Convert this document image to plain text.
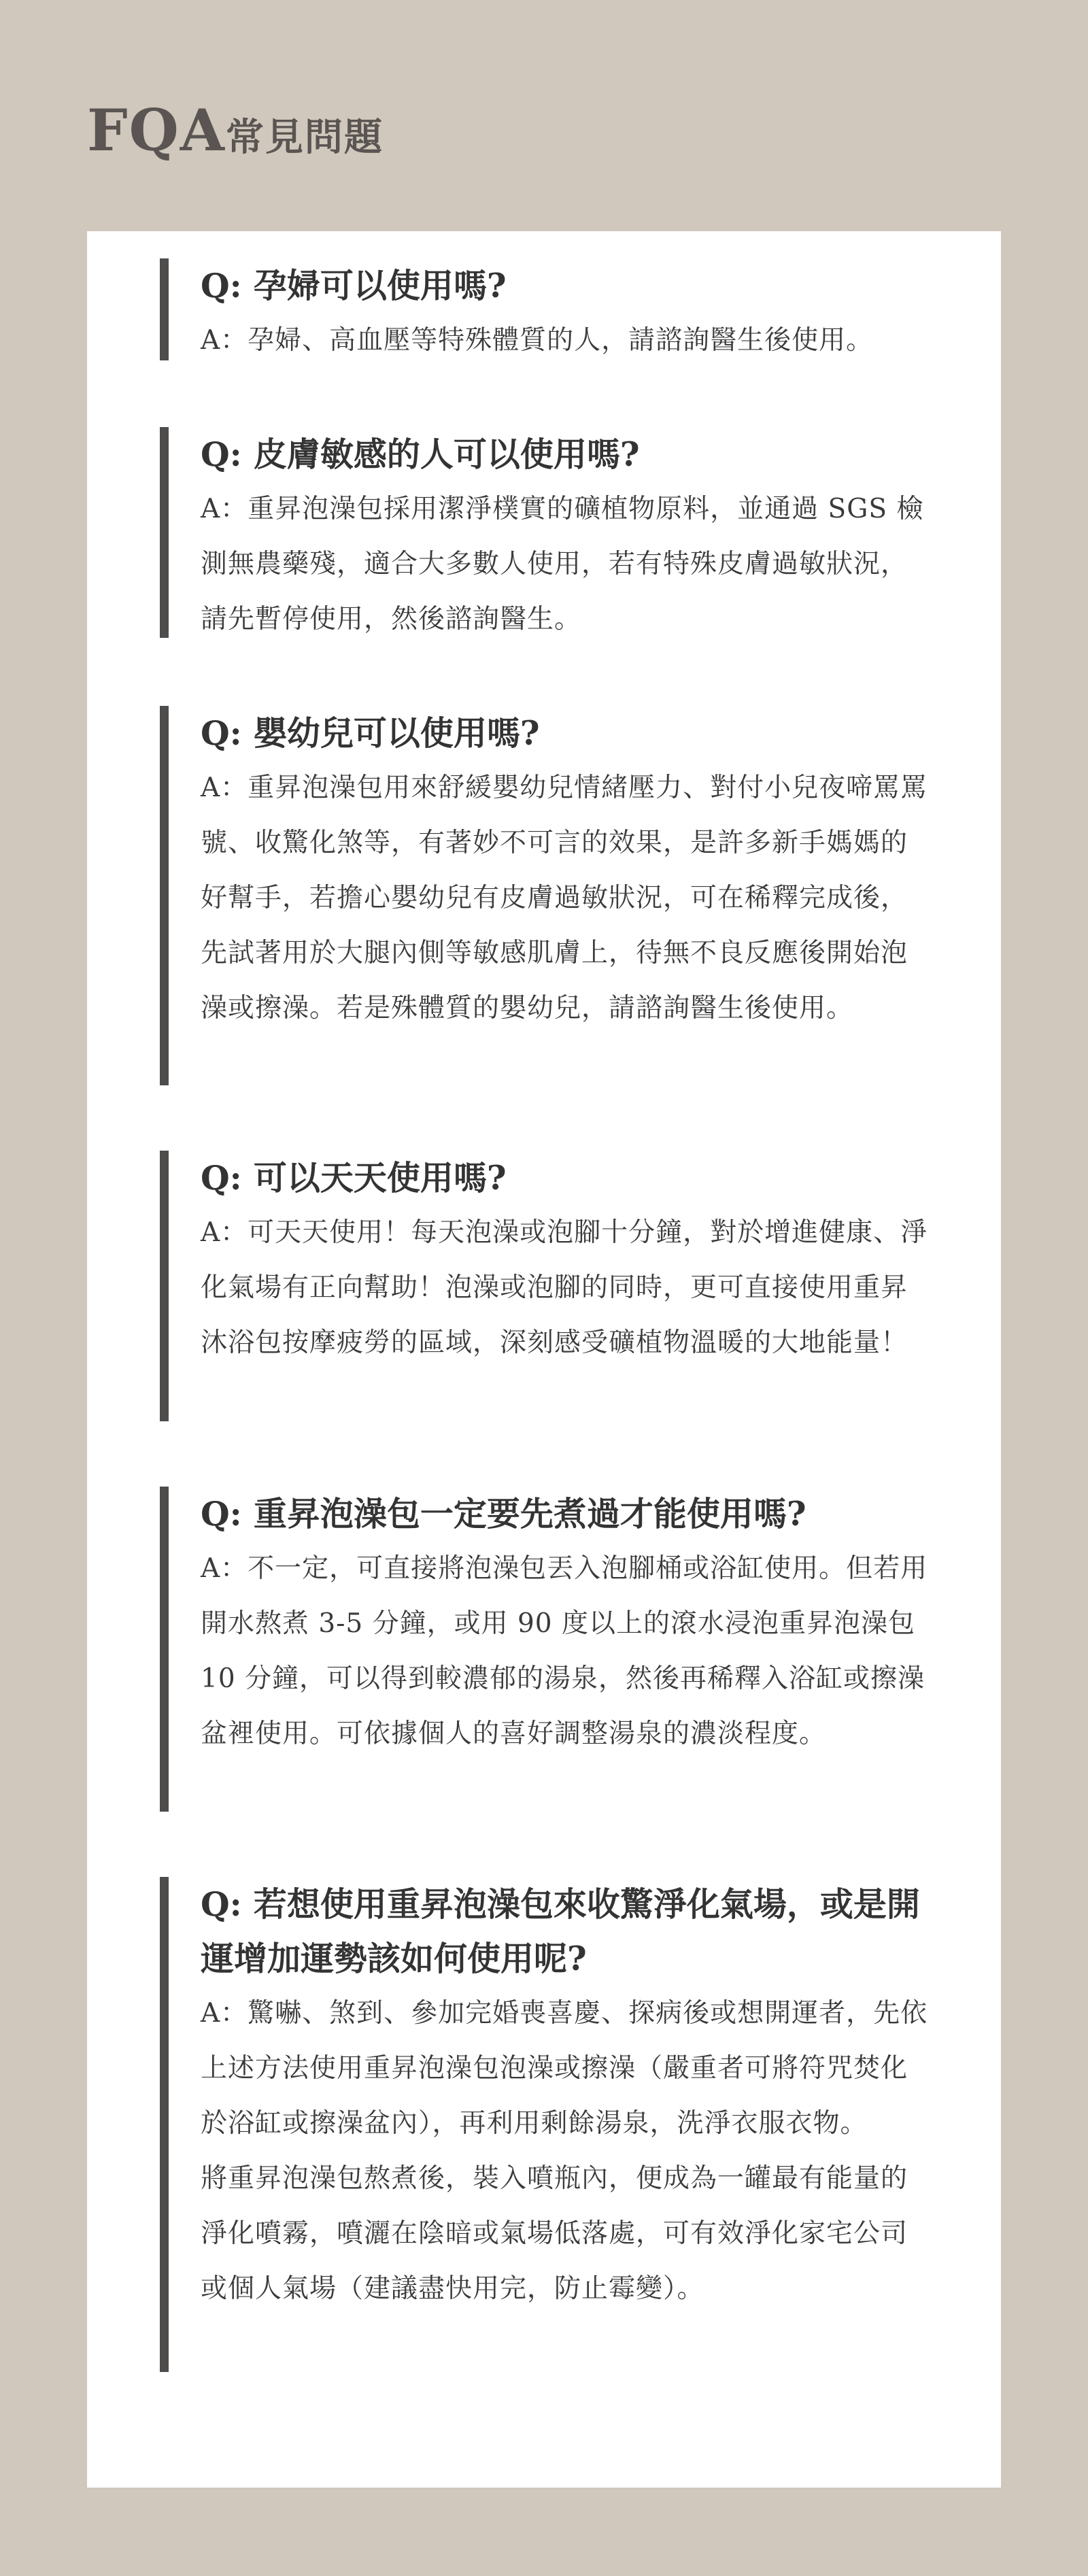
FQA常見問題
Q: 孕婦可以使用嗎?

A：孕婦、高血壓等特殊體質的人，請諮詢醫生後使用。

Q: 皮膚敏感的人可以使用嗎?

A：重昇泡澡包採用潔淨樸實的礦植物原料，並通過 SGS 檢測無農藥殘，適合大多數人使用，若有特殊皮膚過敏狀況，請先暫停使用，然後諮詢醫生。

Q: 嬰幼兒可以使用嗎?

A：重昇泡澡包用來舒緩嬰幼兒情緒壓力、對付小兒夜啼罵罵號、收驚化煞等，有著妙不可言的效果，是許多新手媽媽的好幫手，若擔心嬰幼兒有皮膚過敏狀況，可在稀釋完成後，先試著用於大腿內側等敏感肌膚上，待無不良反應後開始泡澡或擦澡。若是殊體質的嬰幼兒，請諮詢醫生後使用。

Q: 可以天天使用嗎?

A：可天天使用！每天泡澡或泡腳十分鐘，對於增進健康、淨化氣場有正向幫助！泡澡或泡腳的同時，更可直接使用重昇沐浴包按摩疲勞的區域，深刻感受礦植物溫暖的大地能量！

Q: 重昇泡澡包一定要先煮過才能使用嗎?

A：不一定，可直接將泡澡包丟入泡腳桶或浴缸使用。但若用開水熬煮 3-5 分鐘，或用 90 度以上的滾水浸泡重昇泡澡包 10 分鐘，可以得到較濃郁的湯泉，然後再稀釋入浴缸或擦澡盆裡使用。可依據個人的喜好調整湯泉的濃淡程度。

Q: 若想使用重昇泡澡包來收驚淨化氣場，或是開運增加運勢該如何使用呢?

A：驚嚇、煞到、參加完婚喪喜慶、探病後或想開運者，先依上述方法使用重昇泡澡包泡澡或擦澡（嚴重者可將符咒焚化於浴缸或擦澡盆內），再利用剩餘湯泉，洗淨衣服衣物。

將重昇泡澡包熬煮後，裝入噴瓶內，便成為一罐最有能量的淨化噴霧，噴灑在陰暗或氣場低落處，可有效淨化家宅公司或個人氣場（建議盡快用完，防止霉變）。
